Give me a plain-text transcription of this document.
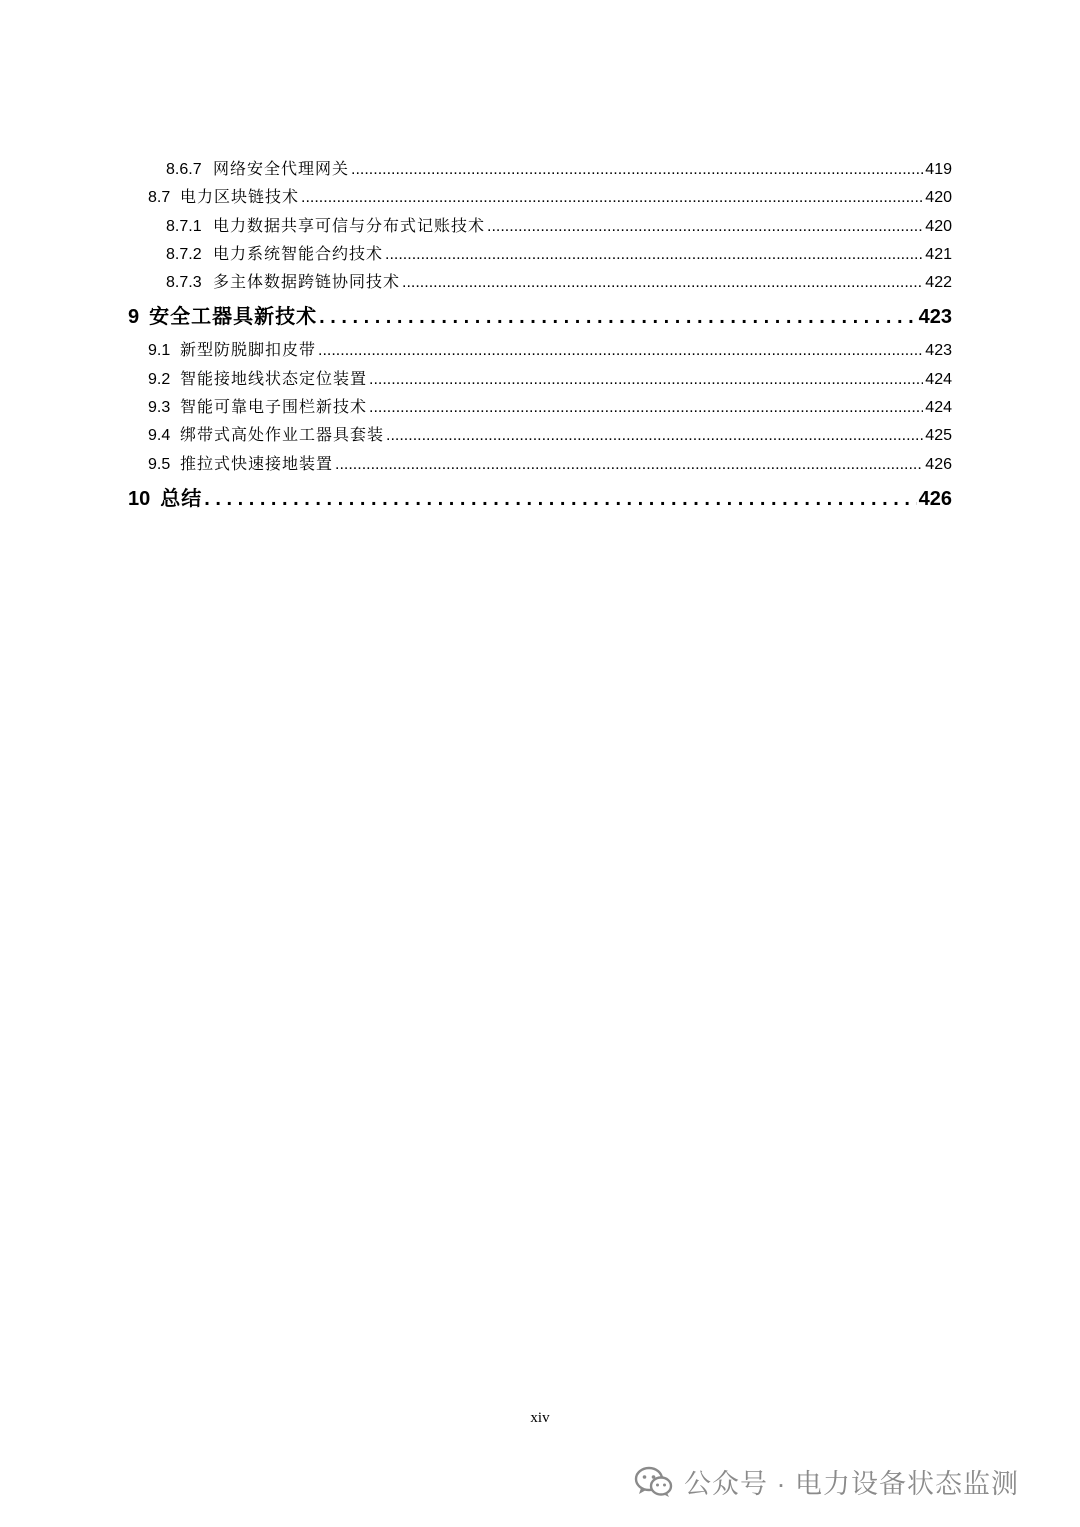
8.6.7 网络安全代理网关 .....	419
8.7 电力区块链技术 .....	420
8.7.1 电力数据共享可信与分布式记账技术 .....	420
8.7.2 电力系统智能合约技术 .....	421
8.7.3 多主体数据跨链协同技术 .....	422
9 安全工器具新技术 . . .	423
9.1 新型防脱脚扣皮带 .....	423
9.2 智能接地线状态定位装置 .....	424
9.3 智能可靠电子围栏新技术 .....	424
9.4 绑带式高处作业工器具套装 .....	425
9.5 推拉式快速接地装置 .....	426
10 总结 . . .	426
xiv
公众号 · 电力设备状态监测
